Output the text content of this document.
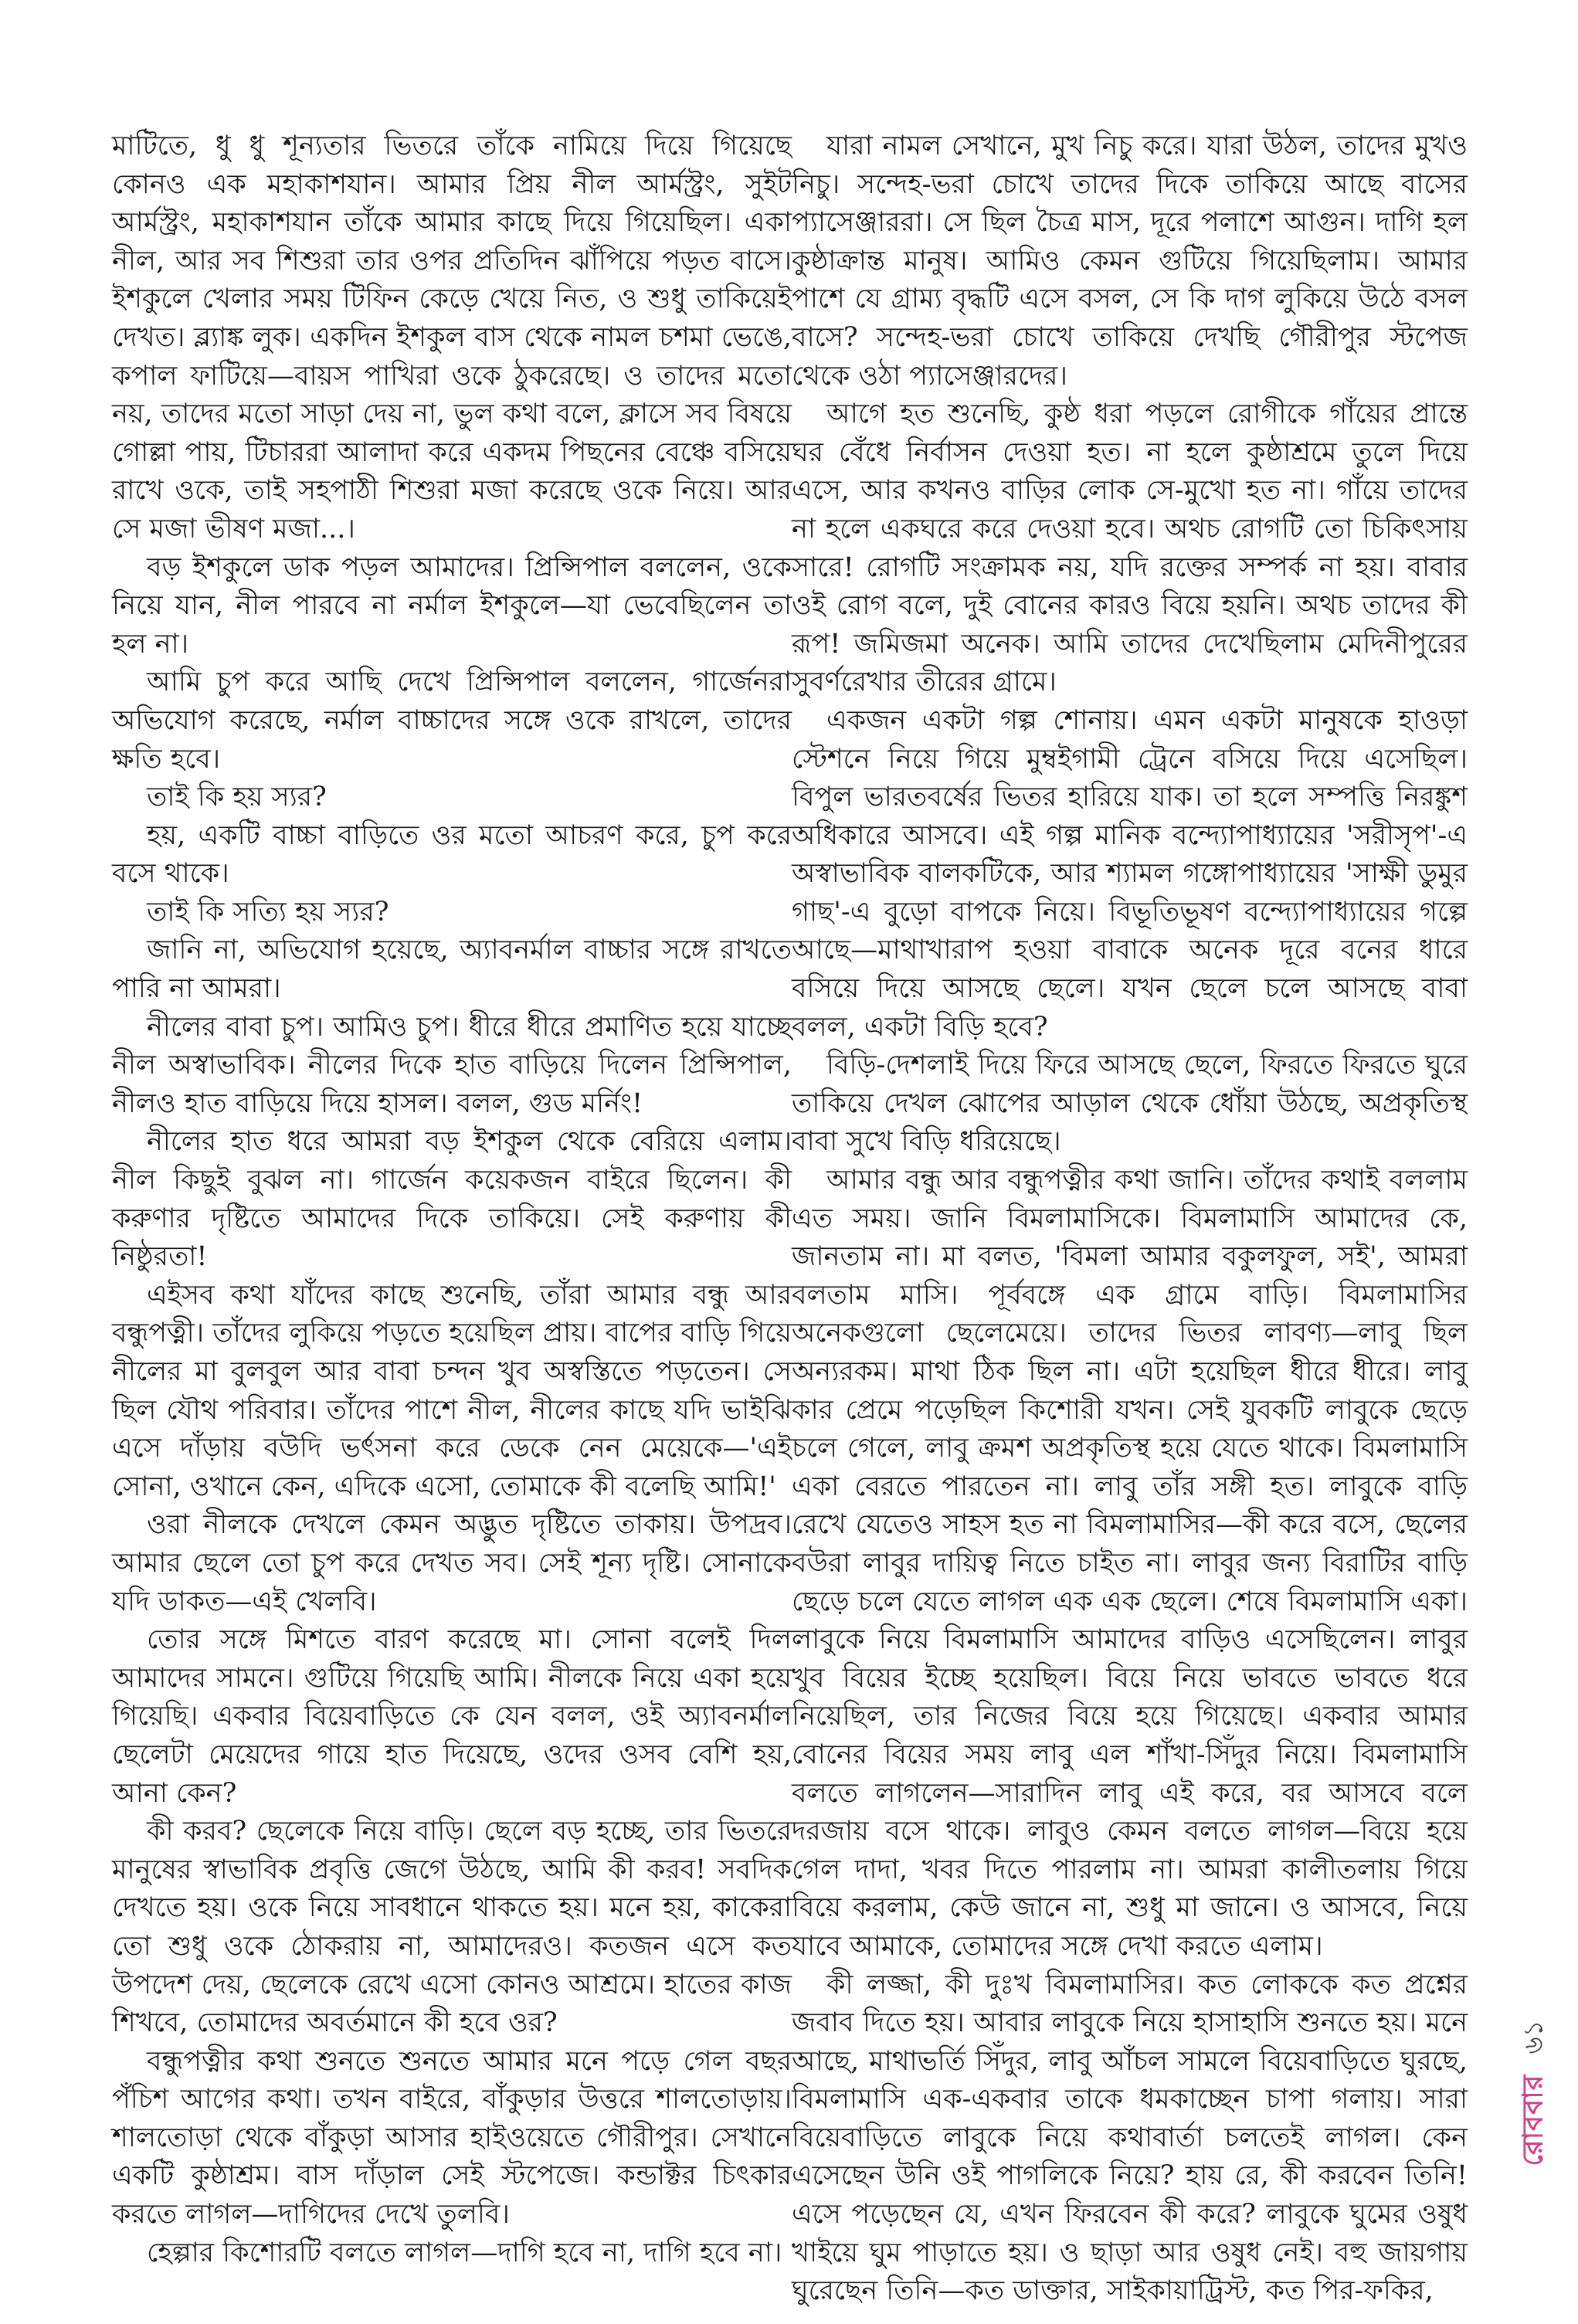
মাটিতে, ধু ধু শূন্যতার ভিতরে তাঁকে নামিয়ে দিয়ে গিয়েছে কোনও এক মহাকাশযান। আমার প্রিয় নীল আর্মস্ট্রং, সুইট আর্মস্ট্রং, মহাকাশযান তাঁকে আমার কাছে দিয়ে গিয়েছিল। একা নীল, আর সব শিশুরা তার ওপর প্রতিদিন ঝাঁপিয়ে পড়ত বাসে। ইশকুলে খেলার সময় টিফিন কেড়ে খেয়ে নিত, ও শুধু তাকিয়েই দেখত। ব্ল্যাঙ্ক লুক। একদিন ইশকুল বাস থেকে নামল চশমা ভেঙে, কপাল ফাটিয়ে—বায়স পাখিরা ওকে ঠুকরেছে। ও তাদের মতো নয়, তাদের মতো সাড়া দেয় না, ভুল কথা বলে, ক্লাসে সব বিষয়ে গোল্লা পায়, টিচাররা আলাদা করে একদম পিছনের বেঞ্চে বসিয়ে রাখে ওকে, তাই সহপাঠী শিশুরা মজা করেছে ওকে নিয়ে। আর সে মজা ভীষণ মজা...।

বড় ইশকুলে ডাক পড়ল আমাদের। প্রিন্সিপাল বললেন, ওকে নিয়ে যান, নীল পারবে না নর্মাল ইশকুলে—যা ভেবেছিলেন তা হল না।

আমি চুপ করে আছি দেখে প্রিন্সিপাল বললেন, গার্জেনরা অভিযোগ করেছে, নর্মাল বাচ্চাদের সঙ্গে ওকে রাখলে, তাদের ক্ষতি হবে।

তাই কি হয় স্যর?

হয়, একটি বাচ্চা বাড়িতে ওর মতো আচরণ করে, চুপ করে বসে থাকে।

তাই কি সত্যি হয় স্যর?

জানি না, অভিযোগ হয়েছে, অ্যাবনর্মাল বাচ্চার সঙ্গে রাখতে পারি না আমরা।

নীলের বাবা চুপ। আমিও চুপ। ধীরে ধীরে প্রমাণিত হয়ে যাচ্ছে নীল অস্বাভাবিক। নীলের দিকে হাত বাড়িয়ে দিলেন প্রিন্সিপাল, নীলও হাত বাড়িয়ে দিয়ে হাসল। বলল, গুড মর্নিং!

নীলের হাত ধরে আমরা বড় ইশকুল থেকে বেরিয়ে এলাম। নীল কিছুই বুঝল না। গার্জেন কয়েকজন বাইরে ছিলেন। কী করুণার দৃষ্টিতে আমাদের দিকে তাকিয়ে। সেই করুণায় কী নিষ্ঠুরতা!

এইসব কথা যাঁদের কাছে শুনেছি, তাঁরা আমার বন্ধু আর বন্ধুপত্নী। তাঁদের লুকিয়ে পড়তে হয়েছিল প্রায়। বাপের বাড়ি গিয়ে নীলের মা বুলবুল আর বাবা চন্দন খুব অস্বস্তিতে পড়তেন। সে ছিল যৌথ পরিবার। তাঁদের পাশে নীল, নীলের কাছে যদি ভাইঝি এসে দাঁড়ায় বউদি ভর্ৎসনা করে ডেকে নেন মেয়েকে—'এই সোনা, ওখানে কেন, এদিকে এসো, তোমাকে কী বলেছি আমি!'

ওরা নীলকে দেখলে কেমন অদ্ভুত দৃষ্টিতে তাকায়। উপদ্রব। আমার ছেলে তো চুপ করে দেখত সব। সেই শূন্য দৃষ্টি। সোনাকে যদি ডাকত—এই খেলবি।

তোর সঙ্গে মিশতে বারণ করেছে মা। সোনা বলেই দিল আমাদের সামনে। গুটিয়ে গিয়েছি আমি। নীলকে নিয়ে একা হয়ে গিয়েছি। একবার বিয়েবাড়িতে কে যেন বলল, ওই অ্যাবনর্মাল ছেলেটা মেয়েদের গায়ে হাত দিয়েছে, ওদের ওসব বেশি হয়, আনা কেন?

কী করব? ছেলেকে নিয়ে বাড়ি। ছেলে বড় হচ্ছে, তার ভিতরে মানুষের স্বাভাবিক প্রবৃত্তি জেগে উঠছে, আমি কী করব! সবদিক দেখতে হয়। ওকে নিয়ে সাবধানে থাকতে হয়। মনে হয়, কাকেরা তো শুধু ওকে ঠোকরায় না, আমাদেরও। কতজন এসে কত উপদেশ দেয়, ছেলেকে রেখে এসো কোনও আশ্রমে। হাতের কাজ শিখবে, তোমাদের অবর্তমানে কী হবে ওর?

বন্ধুপত্নীর কথা শুনতে শুনতে আমার মনে পড়ে গেল বছর পঁচিশ আগের কথা। তখন বাইরে, বাঁকুড়ার উত্তরে শালতোড়ায়। শালতোড়া থেকে বাঁকুড়া আসার হাইওয়েতে গৌরীপুর। সেখানে একটি কুষ্ঠাশ্রম। বাস দাঁড়াল সেই স্টপেজে। কন্ডাক্টর চিৎকার করতে লাগল—দাগিদের দেখে তুলবি।

হেল্পার কিশোরটি বলতে লাগল—দাগি হবে না, দাগি হবে না।

যারা নামল সেখানে, মুখ নিচু করে। যারা উঠল, তাদের মুখও নিচু। সন্দেহ-ভরা চোখে তাদের দিকে তাকিয়ে আছে বাসের প্যাসেঞ্জাররা। সে ছিল চৈত্র মাস, দূরে পলাশে আগুন। দাগি হল কুষ্ঠাক্রান্ত মানুষ। আমিও কেমন গুটিয়ে গিয়েছিলাম। আমার পাশে যে গ্রাম্য বৃদ্ধটি এসে বসল, সে কি দাগ লুকিয়ে উঠে বসল বাসে? সন্দেহ-ভরা চোখে তাকিয়ে দেখছি গৌরীপুর স্টপেজ থেকে ওঠা প্যাসেঞ্জারদের।

আগে হত শুনেছি, কুষ্ঠ ধরা পড়লে রোগীকে গাঁয়ের প্রান্তে ঘর বেঁধে নির্বাসন দেওয়া হত। না হলে কুষ্ঠাশ্রমে তুলে দিয়ে এসে, আর কখনও বাড়ির লোক সে-মুখো হত না। গাঁয়ে তাদের না হলে একঘরে করে দেওয়া হবে। অথচ রোগটি তো চিকিৎসায় সারে! রোগটি সংক্রামক নয়, যদি রক্তের সম্পর্ক না হয়। বাবার ওই রোগ বলে, দুই বোনের কারও বিয়ে হয়নি। অথচ তাদের কী রূপ! জমিজমা অনেক। আমি তাদের দেখেছিলাম মেদিনীপুরের সুবর্ণরেখার তীরের গ্রামে।

একজন একটা গল্প শোনায়। এমন একটা মানুষকে হাওড়া স্টেশনে নিয়ে গিয়ে মুম্বইগামী ট্রেনে বসিয়ে দিয়ে এসেছিল। বিপুল ভারতবর্ষের ভিতর হারিয়ে যাক। তা হলে সম্পত্তি নিরঙ্কুশ অধিকারে আসবে। এই গল্প মানিক বন্দ্যোপাধ্যায়ের 'সরীসৃপ'-এ অস্বাভাবিক বালকটিকে, আর শ্যামল গঙ্গোপাধ্যায়ের 'সাক্ষী ডুমুর গাছ'-এ বুড়ো বাপকে নিয়ে। বিভূতিভূষণ বন্দ্যোপাধ্যায়ের গল্পে আছে—মাথাখারাপ হওয়া বাবাকে অনেক দূরে বনের ধারে বসিয়ে দিয়ে আসছে ছেলে। যখন ছেলে চলে আসছে বাবা বলল, একটা বিড়ি হবে?

বিড়ি-দেশলাই দিয়ে ফিরে আসছে ছেলে, ফিরতে ফিরতে ঘুরে তাকিয়ে দেখল ঝোপের আড়াল থেকে ধোঁয়া উঠছে, অপ্রকৃতিস্থ বাবা সুখে বিড়ি ধরিয়েছে।

আমার বন্ধু আর বন্ধুপত্নীর কথা জানি। তাঁদের কথাই বললাম এত সময়। জানি বিমলামাসিকে। বিমলামাসি আমাদের কে, জানতাম না। মা বলত, 'বিমলা আমার বকুলফুল, সই', আমরা বলতাম মাসি। পূর্ববঙ্গে এক গ্রামে বাড়ি। বিমলামাসির অনেকগুলো ছেলেমেয়ে। তাদের ভিতর লাবণ্য—লাবু ছিল অন্যরকম। মাথা ঠিক ছিল না। এটা হয়েছিল ধীরে ধীরে। লাবু কার প্রেমে পড়েছিল কিশোরী যখন। সেই যুবকটি লাবুকে ছেড়ে চলে গেলে, লাবু ক্রমশ অপ্রকৃতিস্থ হয়ে যেতে থাকে। বিমলামাসি একা বেরতে পারতেন না। লাবু তাঁর সঙ্গী হত। লাবুকে বাড়ি রেখে যেতেও সাহস হত না বিমলামাসির—কী করে বসে, ছেলের বউরা লাবুর দায়িত্ব নিতে চাইত না। লাবুর জন্য বিরাটির বাড়ি ছেড়ে চলে যেতে লাগল এক এক ছেলে। শেষে বিমলামাসি একা। লাবুকে নিয়ে বিমলামাসি আমাদের বাড়িও এসেছিলেন। লাবুর খুব বিয়ের ইচ্ছে হয়েছিল। বিয়ে নিয়ে ভাবতে ভাবতে ধরে নিয়েছিল, তার নিজের বিয়ে হয়ে গিয়েছে। একবার আমার বোনের বিয়ের সময় লাবু এল শাঁখা-সিঁদুর নিয়ে। বিমলামাসি বলতে লাগলেন—সারাদিন লাবু এই করে, বর আসবে বলে দরজায় বসে থাকে। লাবুও কেমন বলতে লাগল—বিয়ে হয়ে গেল দাদা, খবর দিতে পারলাম না। আমরা কালীতলায় গিয়ে বিয়ে করলাম, কেউ জানে না, শুধু মা জানে। ও আসবে, নিয়ে যাবে আমাকে, তোমাদের সঙ্গে দেখা করতে এলাম।

কী লজ্জা, কী দুঃখ বিমলামাসির। কত লোককে কত প্রশ্নের জবাব দিতে হয়। আবার লাবুকে নিয়ে হাসাহাসি শুনতে হয়। মনে আছে, মাথাভর্তি সিঁদুর, লাবু আঁচল সামলে বিয়েবাড়িতে ঘুরছে, বিমলামাসি এক-একবার তাকে ধমকাচ্ছেন চাপা গলায়। সারা বিয়েবাড়িতে লাবুকে নিয়ে কথাবার্তা চলতেই লাগল। কেন এসেছেন উনি ওই পাগলিকে নিয়ে? হায় রে, কী করবেন তিনি! এসে পড়েছেন যে, এখন ফিরবেন কী করে? লাবুকে ঘুমের ওষুধ খাইয়ে ঘুম পাড়াতে হয়। ও ছাড়া আর ওষুধ নেই। বহু জায়গায় ঘুরেছেন তিনি—কত ডাক্তার, সাইকায়াট্রিস্ট, কত পির-ফকির,

রোববার
৬১
